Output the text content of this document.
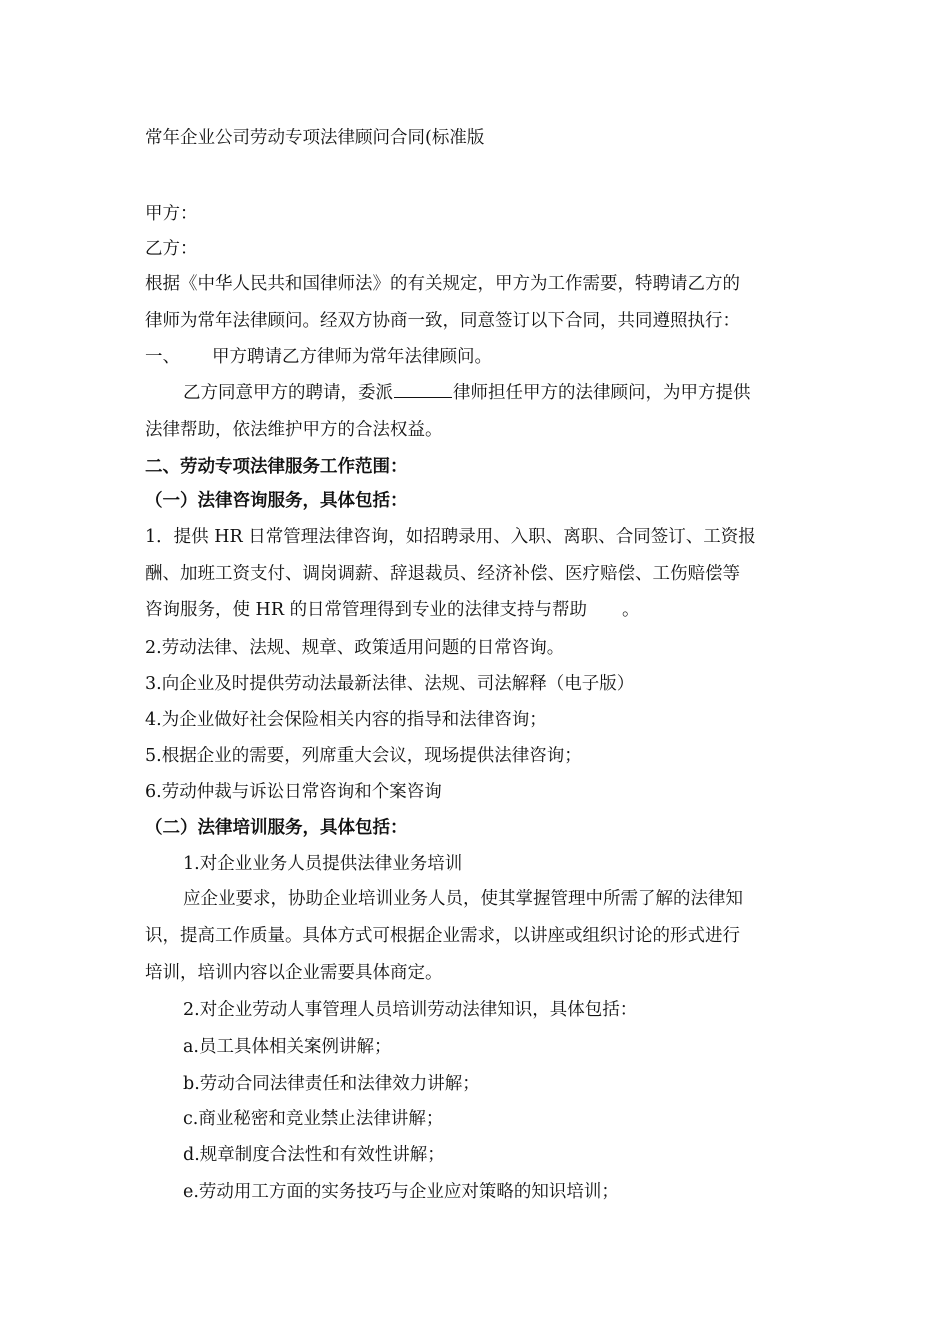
常年企业公司劳动专项法律顾问合同(标准版
甲方：
乙方：
根据《中华人民共和国律师法》的有关规定，甲方为工作需要，特聘请乙方的
律师为常年法律顾问。经双方协商一致，同意签订以下合同，共同遵照执行：
一、 甲方聘请乙方律师为常年法律顾问。
乙方同意甲方的聘请，委派	律师担任甲方的法律顾问，为甲方提供
法律帮助，依法维护甲方的合法权益。
二、劳动专项法律服务工作范围：
（一）法律咨询服务，具体包括：
1．提供 HR 日常管理法律咨询，如招聘录用、入职、离职、合同签订、工资报
酬、加班工资支付、调岗调薪、辞退裁员、经济补偿、医疗赔偿、工伤赔偿等
咨询服务，使 HR 的日常管理得到专业的法律支持与帮助　　。
2.劳动法律、法规、规章、政策适用问题的日常咨询。
3.向企业及时提供劳动法最新法律、法规、司法解释（电子版）
4.为企业做好社会保险相关内容的指导和法律咨询；
5.根据企业的需要，列席重大会议，现场提供法律咨询；
6.劳动仲裁与诉讼日常咨询和个案咨询
（二）法律培训服务，具体包括：
1.对企业业务人员提供法律业务培训
应企业要求，协助企业培训业务人员，使其掌握管理中所需了解的法律知
识，提高工作质量。具体方式可根据企业需求，以讲座或组织讨论的形式进行
培训，培训内容以企业需要具体商定。
2.对企业劳动人事管理人员培训劳动法律知识，具体包括：
a.员工具体相关案例讲解；
b.劳动合同法律责任和法律效力讲解；
c.商业秘密和竞业禁止法律讲解；
d.规章制度合法性和有效性讲解；
e.劳动用工方面的实务技巧与企业应对策略的知识培训；
